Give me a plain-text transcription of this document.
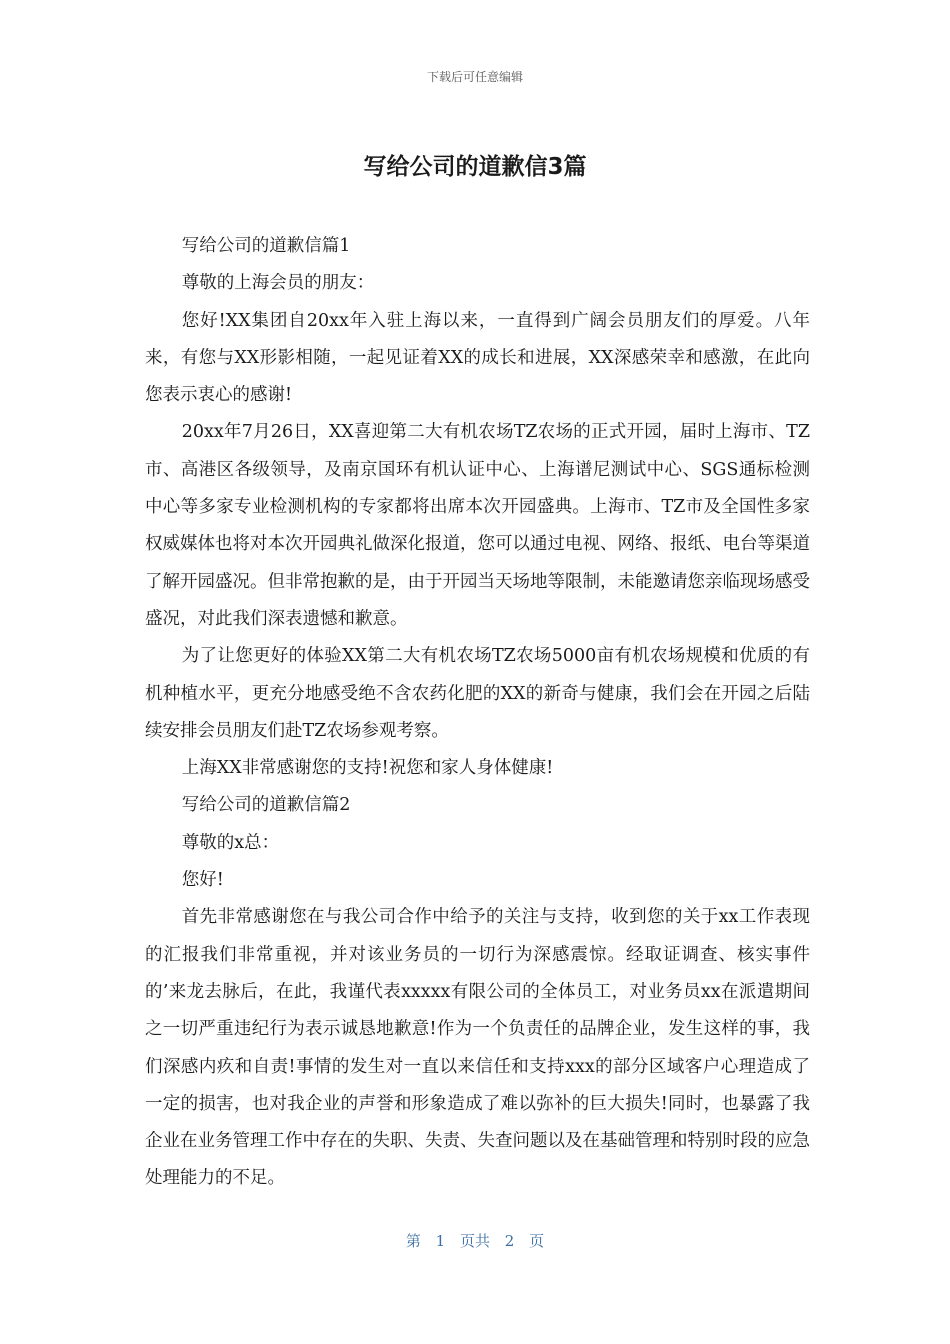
下载后可任意编辑
写给公司的道歉信3篇

写给公司的道歉信篇1

尊敬的上海会员的朋友：

您好!XX集团自20xx年入驻上海以来，一直得到广阔会员朋友们的厚爱。八年来，有您与XX形影相随，一起见证着XX的成长和进展，XX深感荣幸和感激，在此向您表示衷心的感谢!

20xx年7月26日，XX喜迎第二大有机农场TZ农场的正式开园，届时上海市、TZ市、高港区各级领导，及南京国环有机认证中心、上海谱尼测试中心、SGS通标检测中心等多家专业检测机构的专家都将出席本次开园盛典。上海市、TZ市及全国性多家权威媒体也将对本次开园典礼做深化报道，您可以通过电视、网络、报纸、电台等渠道了解开园盛况。但非常抱歉的是，由于开园当天场地等限制，未能邀请您亲临现场感受盛况，对此我们深表遗憾和歉意。

为了让您更好的体验XX第二大有机农场TZ农场5000亩有机农场规模和优质的有机种植水平，更充分地感受绝不含农药化肥的XX的新奇与健康，我们会在开园之后陆续安排会员朋友们赴TZ农场参观考察。

上海XX非常感谢您的支持!祝您和家人身体健康!

写给公司的道歉信篇2

尊敬的x总：

您好!

首先非常感谢您在与我公司合作中给予的关注与支持，收到您的关于xx工作表现的汇报我们非常重视，并对该业务员的一切行为深感震惊。经取证调查、核实事件的’来龙去脉后，在此，我谨代表xxxxx有限公司的全体员工，对业务员xx在派遣期间之一切严重违纪行为表示诚恳地歉意!作为一个负责任的品牌企业，发生这样的事，我们深感内疚和自责!事情的发生对一直以来信任和支持xxx的部分区域客户心理造成了一定的损害，也对我企业的声誉和形象造成了难以弥补的巨大损失!同时，也暴露了我企业在业务管理工作中存在的失职、失责、失查问题以及在基础管理和特别时段的应急处理能力的不足。

第 1 页共 2 页
